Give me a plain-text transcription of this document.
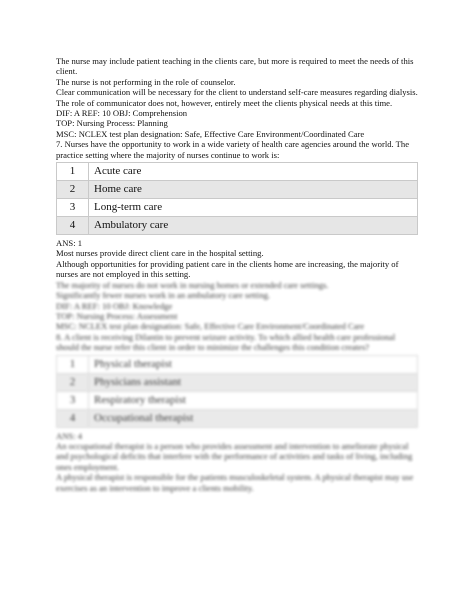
The nurse may include patient teaching in the clients care, but more is required to meet the needs of this client.

The nurse is not performing in the role of counselor.

Clear communication will be necessary for the client to understand self-care measures regarding dialysis. The role of communicator does not, however, entirely meet the clients physical needs at this time.

DIF: A REF: 10 OBJ: Comprehension

TOP: Nursing Process: Planning

MSC: NCLEX test plan designation: Safe, Effective Care Environment/Coordinated Care

7. Nurses have the opportunity to work in a wide variety of health care agencies around the world. The practice setting where the majority of nurses continue to work is:

1	Acute care
2	Home care
3	Long-term care
4	Ambulatory care

ANS: 1

Most nurses provide direct client care in the hospital setting.

Although opportunities for providing patient care in the clients home are increasing, the majority of nurses are not employed in this setting.

The majority of nurses do not work in nursing homes or extended care settings.

Significantly fewer nurses work in an ambulatory care setting.

DIF: A REF: 10 OBJ: Knowledge

TOP: Nursing Process: Assessment

MSC: NCLEX test plan designation: Safe, Effective Care Environment/Coordinated Care

8. A client is receiving Dilantin to prevent seizure activity. To which allied health care professional should the nurse refer this client in order to minimize the challenges this condition creates?

1	Physical therapist
2	Physicians assistant
3	Respiratory therapist
4	Occupational therapist

ANS: 4

An occupational therapist is a person who provides assessment and intervention to ameliorate physical and psychological deficits that interfere with the performance of activities and tasks of living, including ones employment.

A physical therapist is responsible for the patients musculoskeletal system. A physical therapist may use exercises as an intervention to improve a clients mobility.
